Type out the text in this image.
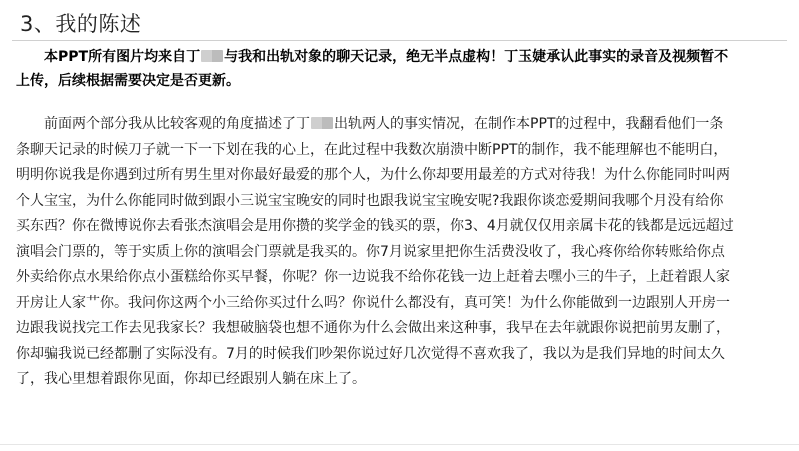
3、我的陈述
本PPT所有图片均来自丁 与我和出轨对象的聊天记录，绝无半点虚构！丁玉婕承认此事实的录音及视频暂不
上传，后续根据需要决定是否更新。
前面两个部分我从比较客观的角度描述了丁 出轨两人的事实情况，在制作本PPT的过程中，我翻看他们一条
条聊天记录的时候刀子就一下一下划在我的心上，在此过程中我数次崩溃中断PPT的制作，我不能理解也不能明白，
明明你说我是你遇到过所有男生里对你最好最爱的那个人，为什么你却要用最差的方式对待我！为什么你能同时叫两
个人宝宝，为什么你能同时做到跟小三说宝宝晚安的同时也跟我说宝宝晚安呢?我跟你谈恋爱期间我哪个月没有给你
买东西？你在微博说你去看张杰演唱会是用你攒的奖学金的钱买的票，你3、4月就仅仅用亲属卡花的钱都是远远超过
演唱会门票的，等于实质上你的演唱会门票就是我买的。你7月说家里把你生活费没收了，我心疼你给你转账给你点
外卖给你点水果给你点小蛋糕给你买早餐，你呢？你一边说我不给你花钱一边上赶着去嘿小三的牛子，上赶着跟人家
开房让人家艹你。我问你这两个小三给你买过什么吗？你说什么都没有，真可笑！为什么你能做到一边跟别人开房一
边跟我说找完工作去见我家长？我想破脑袋也想不通你为什么会做出来这种事，我早在去年就跟你说把前男友删了，
你却骗我说已经都删了实际没有。7月的时候我们吵架你说过好几次觉得不喜欢我了，我以为是我们异地的时间太久
了，我心里想着跟你见面，你却已经跟别人躺在床上了。
